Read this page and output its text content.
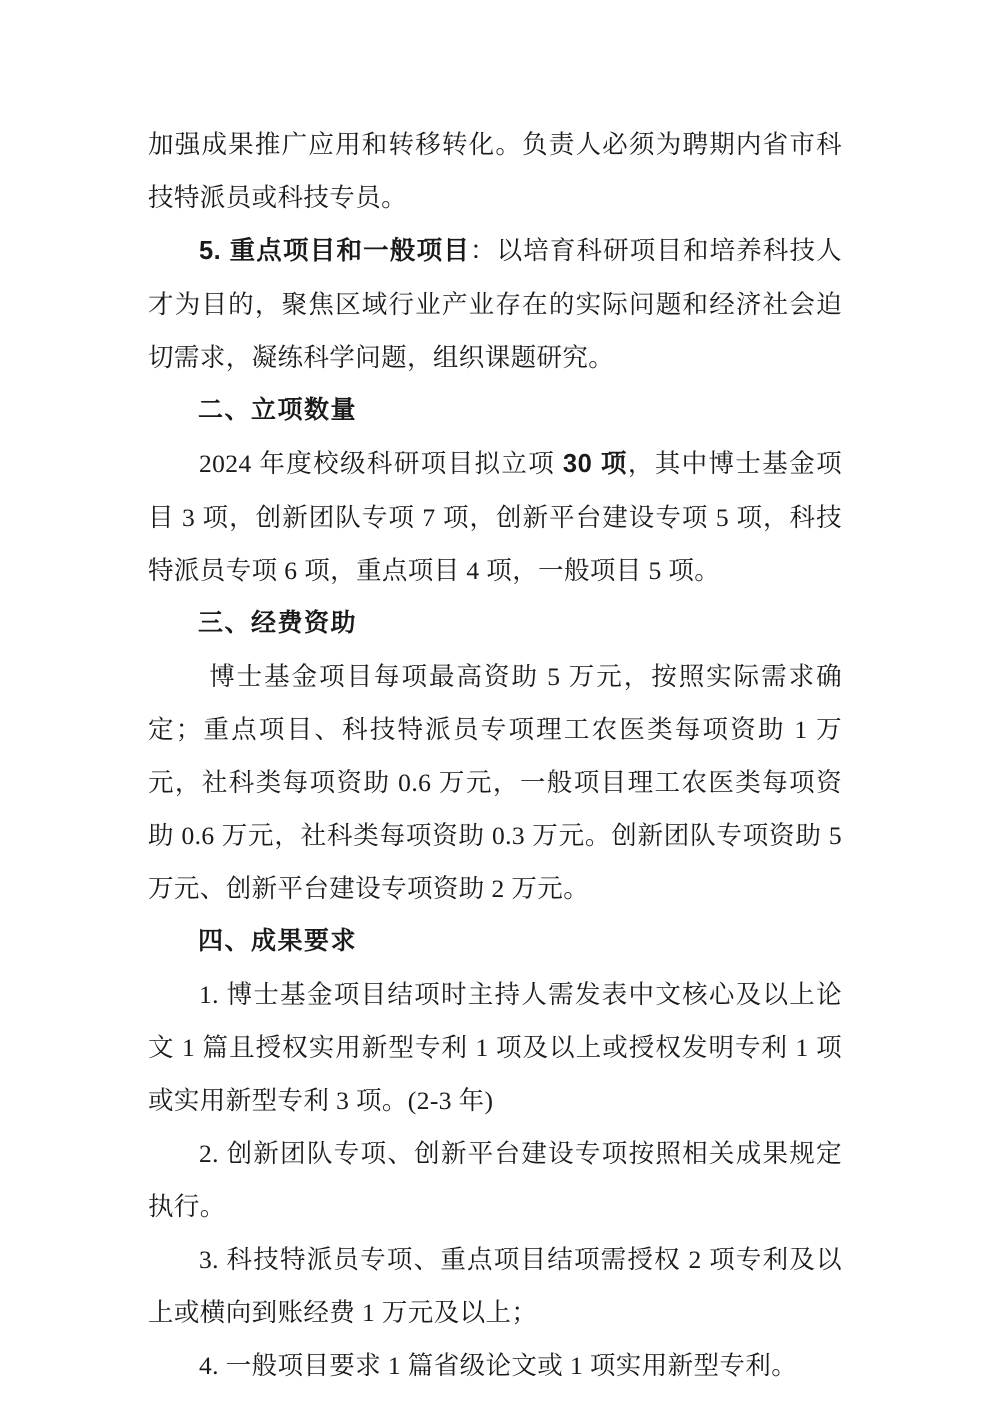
加强成果推广应用和转移转化。负责人必须为聘期内省市科技特派员或科技专员。

5. 重点项目和一般项目：以培育科研项目和培养科技人才为目的，聚焦区域行业产业存在的实际问题和经济社会迫切需求，凝练科学问题，组织课题研究。

二、立项数量

2024 年度校级科研项目拟立项 30 项，其中博士基金项目 3 项，创新团队专项 7 项，创新平台建设专项 5 项，科技特派员专项 6 项，重点项目 4 项，一般项目 5 项。

三、经费资助

博士基金项目每项最高资助 5 万元，按照实际需求确定；重点项目、科技特派员专项理工农医类每项资助 1 万元，社科类每项资助 0.6 万元，一般项目理工农医类每项资助 0.6 万元，社科类每项资助 0.3 万元。创新团队专项资助 5 万元、创新平台建设专项资助 2 万元。

四、成果要求

1. 博士基金项目结项时主持人需发表中文核心及以上论文 1 篇且授权实用新型专利 1 项及以上或授权发明专利 1 项或实用新型专利 3 项。(2-3 年)

2. 创新团队专项、创新平台建设专项按照相关成果规定执行。

3. 科技特派员专项、重点项目结项需授权 2 项专利及以上或横向到账经费 1 万元及以上；

4. 一般项目要求 1 篇省级论文或 1 项实用新型专利。
